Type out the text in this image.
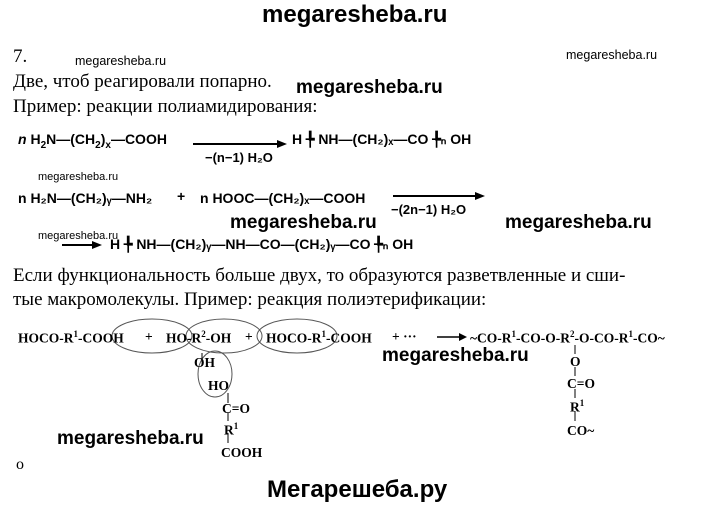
megaresheba.ru
7.	megaresheba.ru	megaresheba.ru
Две, чтоб реагировали попарно. megaresheba.ru
Пример: реакции полиамидирования:
n $H_2N—(CH_2)_x—COOH$
−(n−1) H₂O
H ╄ NH—(CH₂)ₓ—CO ╄ₙ OH
megaresheba.ru
n H₂N—(CH₂)ᵧ—NH₂ + n HOOC—(CH₂)ₓ—COOH
−(2n−1) H₂O
megaresheba.ru	megaresheba.ru
megaresheba.ru
H ╄ NH—(CH₂)ᵧ—NH—CO—(CH₂)ᵧ—CO ╄ₙ OH
Если функциональность больше двух, то образуются разветвленные и сши-
тые макромолекулы. Пример: реакция полиэтерификации:
HOCO-$R^1$-COOH + $HO-R^2-OH$ + HOCO-$R^1$-COOH + ···	$\sim CO-R^1-CO-O-R^2-O-CO-R^1-CO\sim$
OH
HO
C=O
$R^1$
COOH
O
C=O
$R^1$
CO~
megaresheba.ru
megaresheba.ru
о
Мегарешеба.ру
